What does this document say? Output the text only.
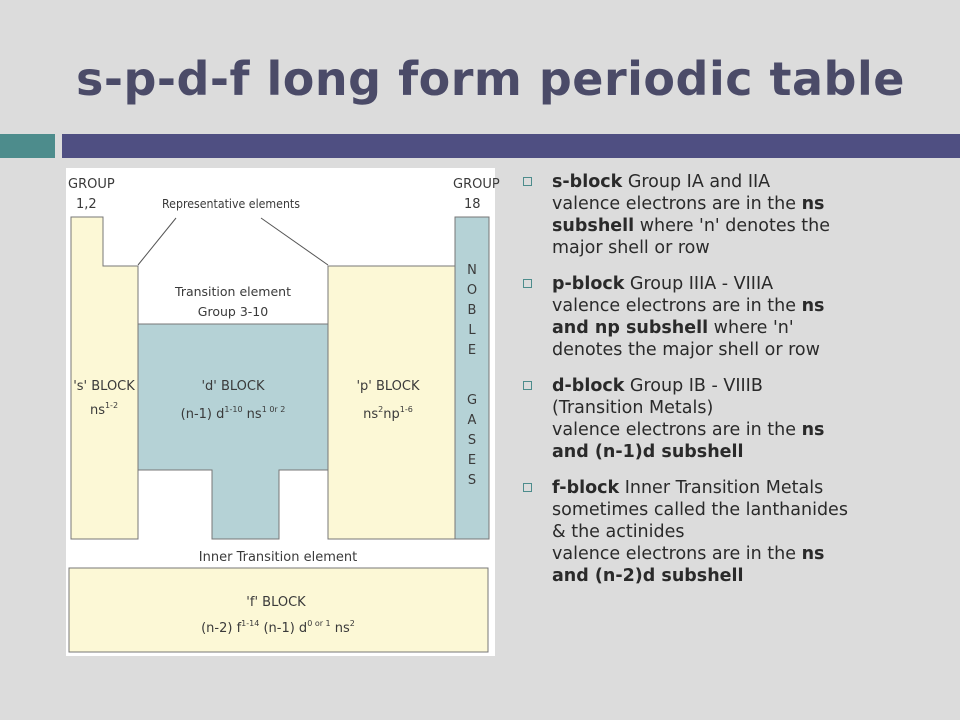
s-p-d-f long form periodic table
GROUP
1,2
GROUP
18
Representative elements
Transition element
Group 3-10
's' BLOCK
$ns^{1-2}$
'd' BLOCK
(n-1) $d^{1-10}$ $ns^{1 0r 2}$
'p' BLOCK
$ns^2np^{1-6}$
N
O
B
L
E
G
A
S
E
S
Inner Transition element
'f' BLOCK
(n-2) $f^{1-14}$ (n-1) $d^{0 or 1}$ $ns^2$
s-block Group IA and IIA
valence electrons are in the ns
subshell where 'n' denotes the
major shell or row
p-block Group IIIA - VIIIA
valence electrons are in the ns
and np subshell where 'n'
denotes the major shell or row
d-block Group IB - VIIIB
(Transition Metals)
valence electrons are in the ns
and (n-1)d subshell
f-block Inner Transition Metals
sometimes called the lanthanides
& the actinides
valence electrons are in the ns
and (n-2)d subshell
